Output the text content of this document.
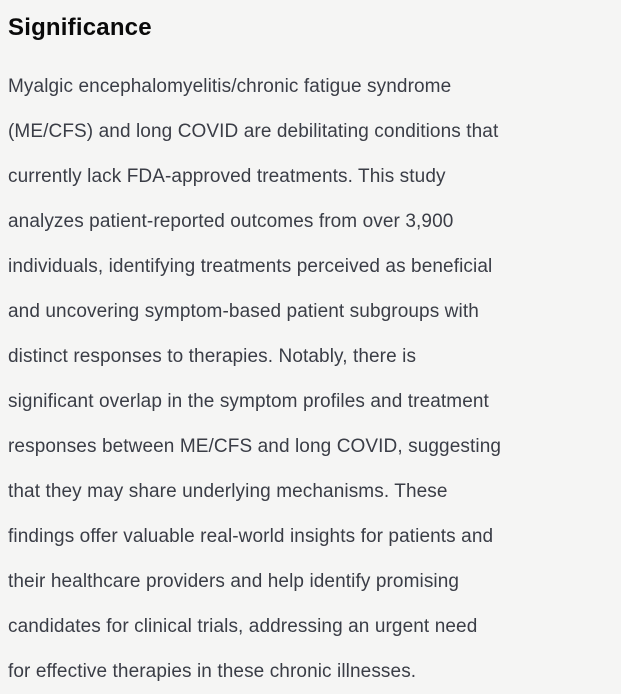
Significance
Myalgic encephalomyelitis/chronic fatigue syndrome
(ME/CFS) and long COVID are debilitating conditions that
currently lack FDA-approved treatments. This study
analyzes patient-reported outcomes from over 3,900
individuals, identifying treatments perceived as beneficial
and uncovering symptom-based patient subgroups with
distinct responses to therapies. Notably, there is
significant overlap in the symptom profiles and treatment
responses between ME/CFS and long COVID, suggesting
that they may share underlying mechanisms. These
findings offer valuable real-world insights for patients and
their healthcare providers and help identify promising
candidates for clinical trials, addressing an urgent need
for effective therapies in these chronic illnesses.
